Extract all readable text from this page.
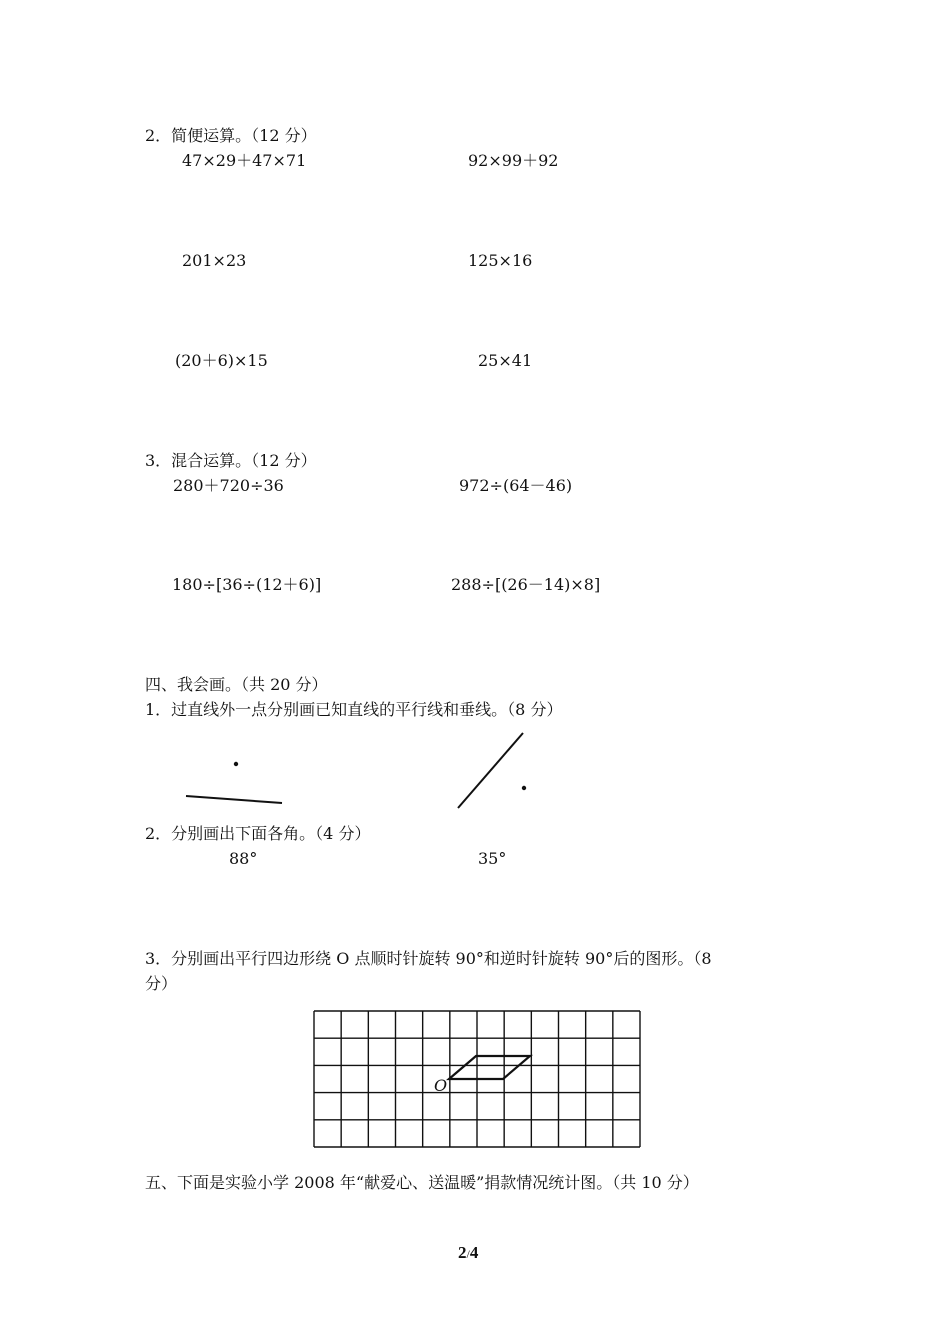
2．简便运算。（12 分）
47×29＋47×71	92×99＋92
201×23	125×16
(20＋6)×15	25×41
3．混合运算。（12 分）
280＋720÷36	972÷(64－46)
180÷[36÷(12＋6)]	288÷[(26－14)×8]
四、我会画。（共 20 分）
1．过直线外一点分别画已知直线的平行线和垂线。（8 分）
2．分别画出下面各角。（4 分）
88°	35°
3．分别画出平行四边形绕 O 点顺时针旋转 90°和逆时针旋转 90°后的图形。（8
分）
O
五、下面是实验小学 2008 年“献爱心、送温暖”捐款情况统计图。（共 10 分）
2/4
